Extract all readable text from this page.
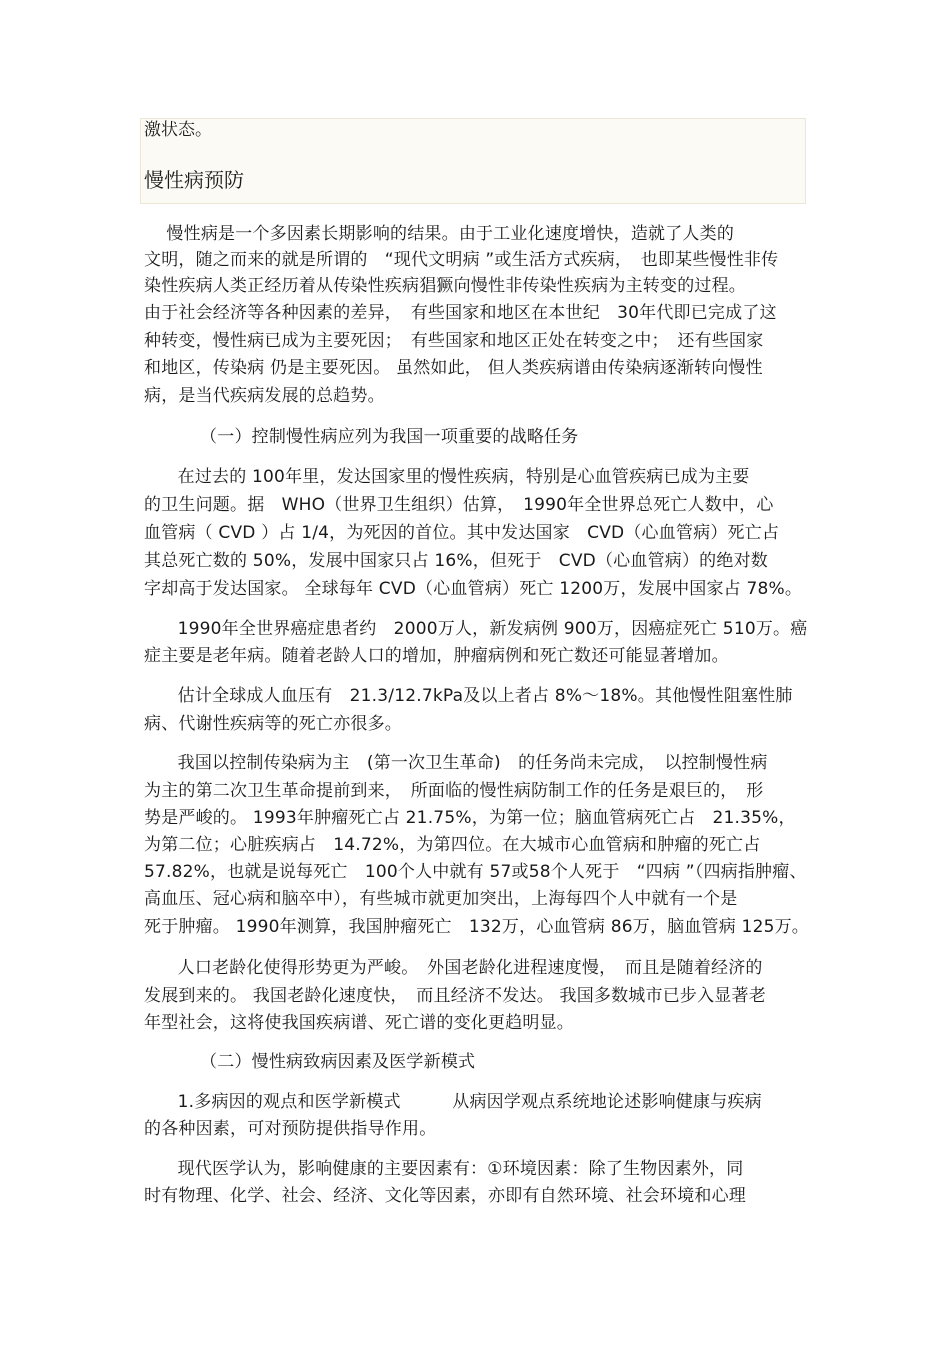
激状态。
慢性病预防
慢性病是一个多因素长期影响的结果。由于工业化速度增快，造就了人类的
文明，随之而来的就是所谓的　“现代文明病 ”或生活方式疾病，　也即某些慢性非传
染性疾病人类正经历着从传染性疾病猖獗向慢性非传染性疾病为主转变的过程。
由于社会经济等各种因素的差异，　有些国家和地区在本世纪　30年代即已完成了这
种转变，慢性病已成为主要死因；　有些国家和地区正处在转变之中；　还有些国家
和地区，传染病 仍是主要死因。 虽然如此， 但人类疾病谱由传染病逐渐转向慢性
病，是当代疾病发展的总趋势。
（一）控制慢性病应列为我国一项重要的战略任务
在过去的 100年里，发达国家里的慢性疾病，特别是心血管疾病已成为主要
的卫生问题。据　WHO（世界卫生组织）估算，　1990年全世界总死亡人数中，心
血管病（ CVD ）占 1/4，为死因的首位。其中发达国家　CVD（心血管病）死亡占
其总死亡数的 50%，发展中国家只占 16%，但死于　CVD（心血管病）的绝对数
字却高于发达国家。 全球每年 CVD（心血管病）死亡 1200万，发展中国家占 78%。
1990年全世界癌症患者约　2000万人，新发病例 900万，因癌症死亡 510万。癌
症主要是老年病。随着老龄人口的增加，肿瘤病例和死亡数还可能显著增加。
估计全球成人血压有　21.3/12.7kPa及以上者占 8%～18%。其他慢性阻塞性肺
病、代谢性疾病等的死亡亦很多。
我国以控制传染病为主　(第一次卫生革命)　的任务尚未完成，　以控制慢性病
为主的第二次卫生革命提前到来，　所面临的慢性病防制工作的任务是艰巨的，　形
势是严峻的。 1993年肿瘤死亡占 21.75%，为第一位；脑血管病死亡占　21.35%，
为第二位；心脏疾病占　14.72%，为第四位。在大城市心血管病和肿瘤的死亡占
57.82%，也就是说每死亡　100个人中就有 57或58个人死于　“四病 ”（四病指肿瘤、
高血压、冠心病和脑卒中），有些城市就更加突出，上海每四个人中就有一个是
死于肿瘤。 1990年测算，我国肿瘤死亡　132万，心血管病 86万，脑血管病 125万。
人口老龄化使得形势更为严峻。　外国老龄化进程速度慢，　而且是随着经济的
发展到来的。 我国老龄化速度快，　而且经济不发达。 我国多数城市已步入显著老
年型社会，这将使我国疾病谱、死亡谱的变化更趋明显。
（二）慢性病致病因素及医学新模式
1.多病因的观点和医学新模式　　　从病因学观点系统地论述影响健康与疾病
的各种因素，可对预防提供指导作用。
现代医学认为，影响健康的主要因素有：①环境因素：除了生物因素外，同
时有物理、化学、社会、经济、文化等因素，亦即有自然环境、社会环境和心理
